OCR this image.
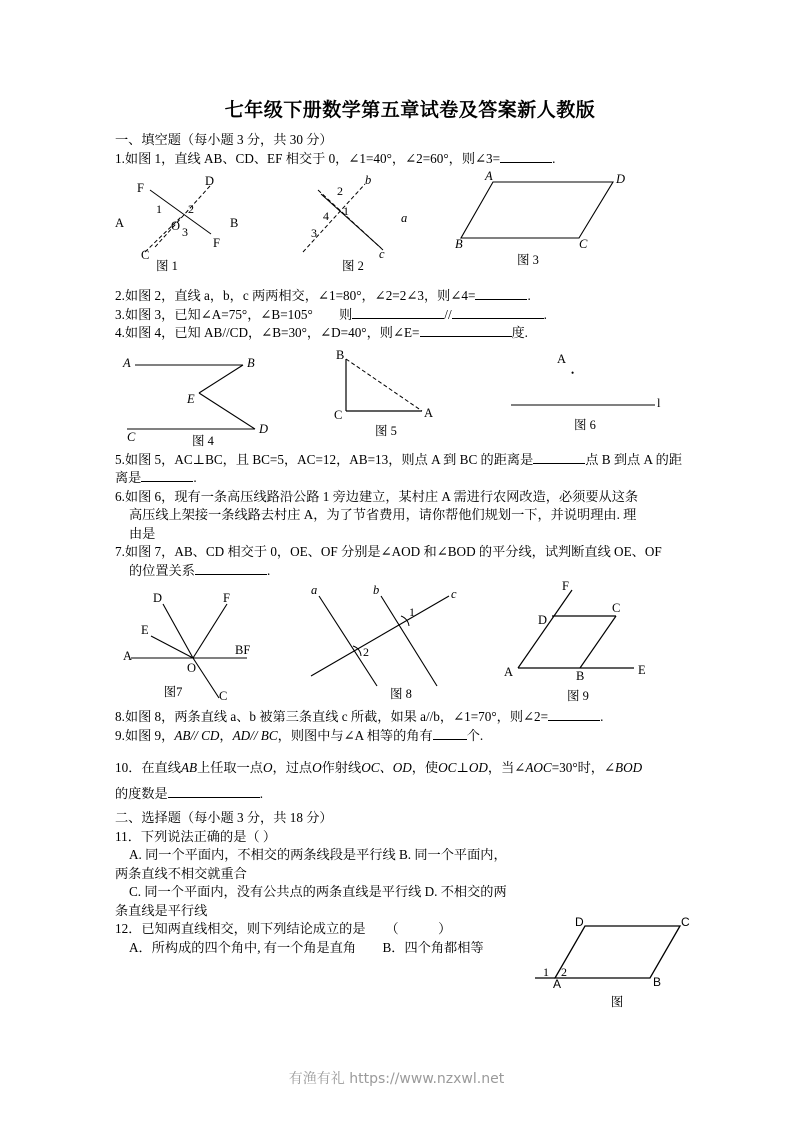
七年级下册数学第五章试卷及答案新人教版
一、填空题（每小题 3 分，共 30 分）
1.如图 1，直线 AB、CD、EF 相交于 0，∠1=40°，∠2=60°，则∠3=	.
F	D
A	B
C
F
O
1 2
3
图 1
b
a
c
2
1
4
3
图 2
A	D
B	C
图 3
2.如图 2，直线 a，b，c 两两相交，∠1=80°，∠2=2∠3，则∠4=	.
3.如图 3，已知∠A=75°，∠B=105°　　则	//	.
4.如图 4，已知 AB//CD，∠B=30°，∠D=40°，则∠E=	度.
A	B
E
D
C	图 4
B
C	A
图 5
A
•
l
图 6
5.如图 5，AC⊥BC，且 BC=5，AC=12，AB=13，则点 A 到 BC 的距离是	点 B 到点 A 的距
离是	.
6.如图 6，现有一条高压线路沿公路 1 旁边建立，某村庄 A 需进行农网改造，必须要从这条
高压线上架接一条线路去村庄 A，为了节省费用，请你帮他们规划一下，并说明理由. 理
由是
7.如图 7，AB、CD 相交于 0，OE、OF 分别是∠AOD 和∠BOD 的平分线，试判断直线 OE、OF
的位置关系	.
D	F
E
A	BF
O
C
图7
a	b	c
1
2
图 8
F
D
C
A	B	E
图 9
8.如图 8，两条直线 a、b 被第三条直线 c 所截，如果 a//b，∠1=70°，则∠2=	.
9.如图 9，AB// CD，AD// BC，则图中与∠A 相等的角有	个.
10．在直线AB上任取一点O，过点O作射线OC、OD，使OC⊥OD，当∠AOC=30°时，∠BOD
的度数是	.
二、选择题（每小题 3 分，共 18 分）
11．下列说法正确的是（ ）
A. 同一个平面内，不相交的两条线段是平行线 B. 同一个平面内，
两条直线不相交就重合
C. 同一个平面内，没有公共点的两条直线是平行线 D. 不相交的两
条直线是平行线
12．已知两直线相交，则下列结论成立的是　　（　　　）
A．所构成的四个角中, 有一个角是直角　　B．四个角都相等
D	C
A	B
1 2
图
有渔有礼 https://www.nzxwl.net
